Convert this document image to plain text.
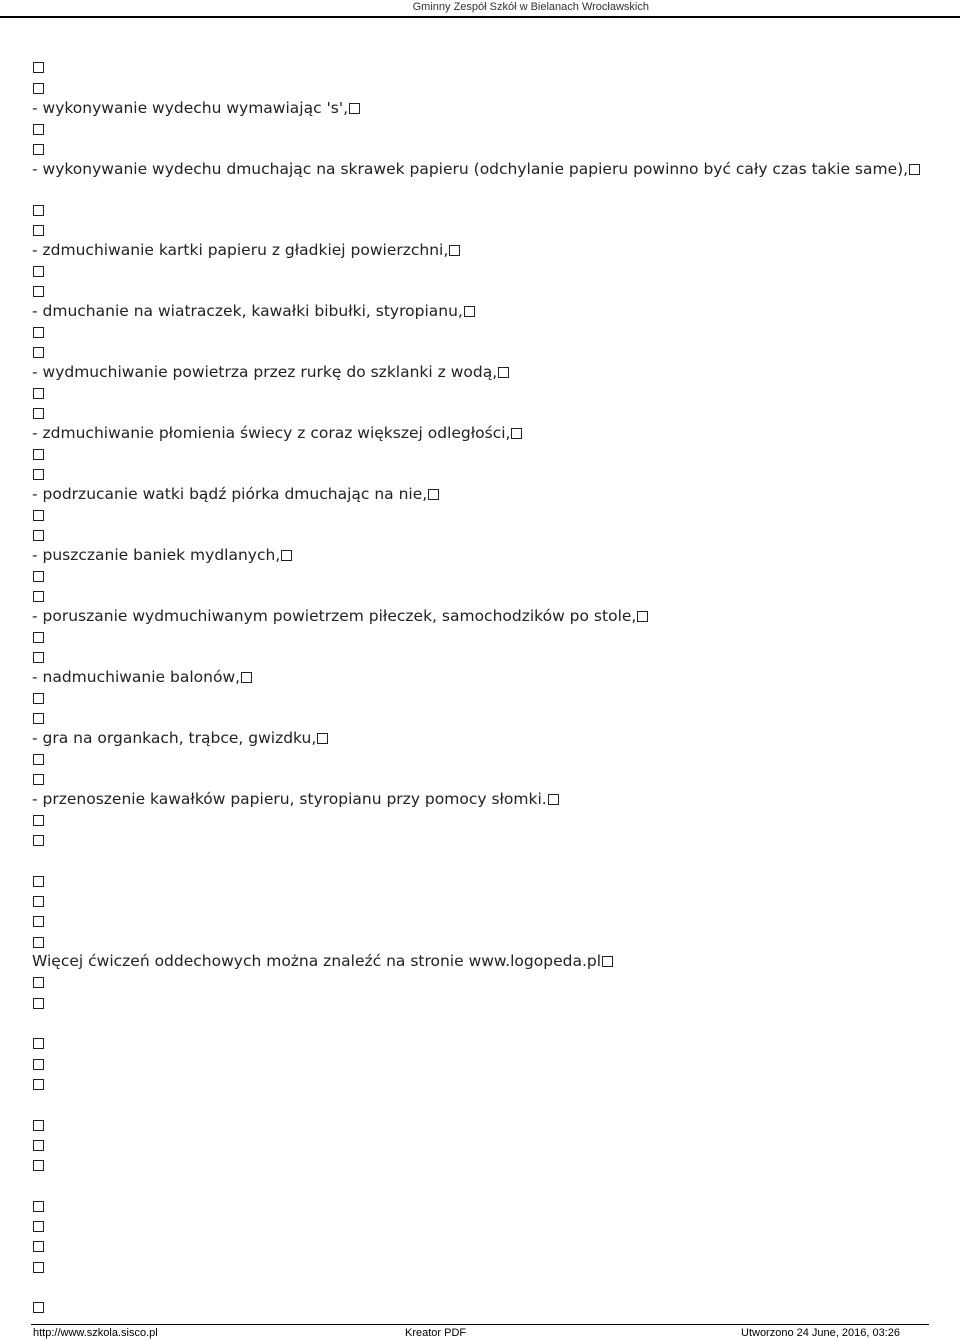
Gminny Zespół Szkół w Bielanach Wrocławskich
- wykonywanie wydechu wymawiając 's',
- wykonywanie wydechu dmuchając na skrawek papieru (odchylanie papieru powinno być cały czas takie same),
- zdmuchiwanie kartki papieru z gładkiej powierzchni,
- dmuchanie na wiatraczek, kawałki bibułki, styropianu,
- wydmuchiwanie powietrza przez rurkę do szklanki z wodą,
- zdmuchiwanie płomienia świecy z coraz większej odległości,
- podrzucanie watki bądź piórka dmuchając na nie,
- puszczanie baniek mydlanych,
- poruszanie wydmuchiwanym powietrzem piłeczek, samochodzików po stole,
- nadmuchiwanie balonów,
- gra na organkach, trąbce, gwizdku,
- przenoszenie kawałków papieru, styropianu przy pomocy słomki.
Więcej ćwiczeń oddechowych można znaleźć na stronie www.logopeda.pl
http://www.szkola.sisco.pl	Kreator PDF	Utworzono 24 June, 2016, 03:26
